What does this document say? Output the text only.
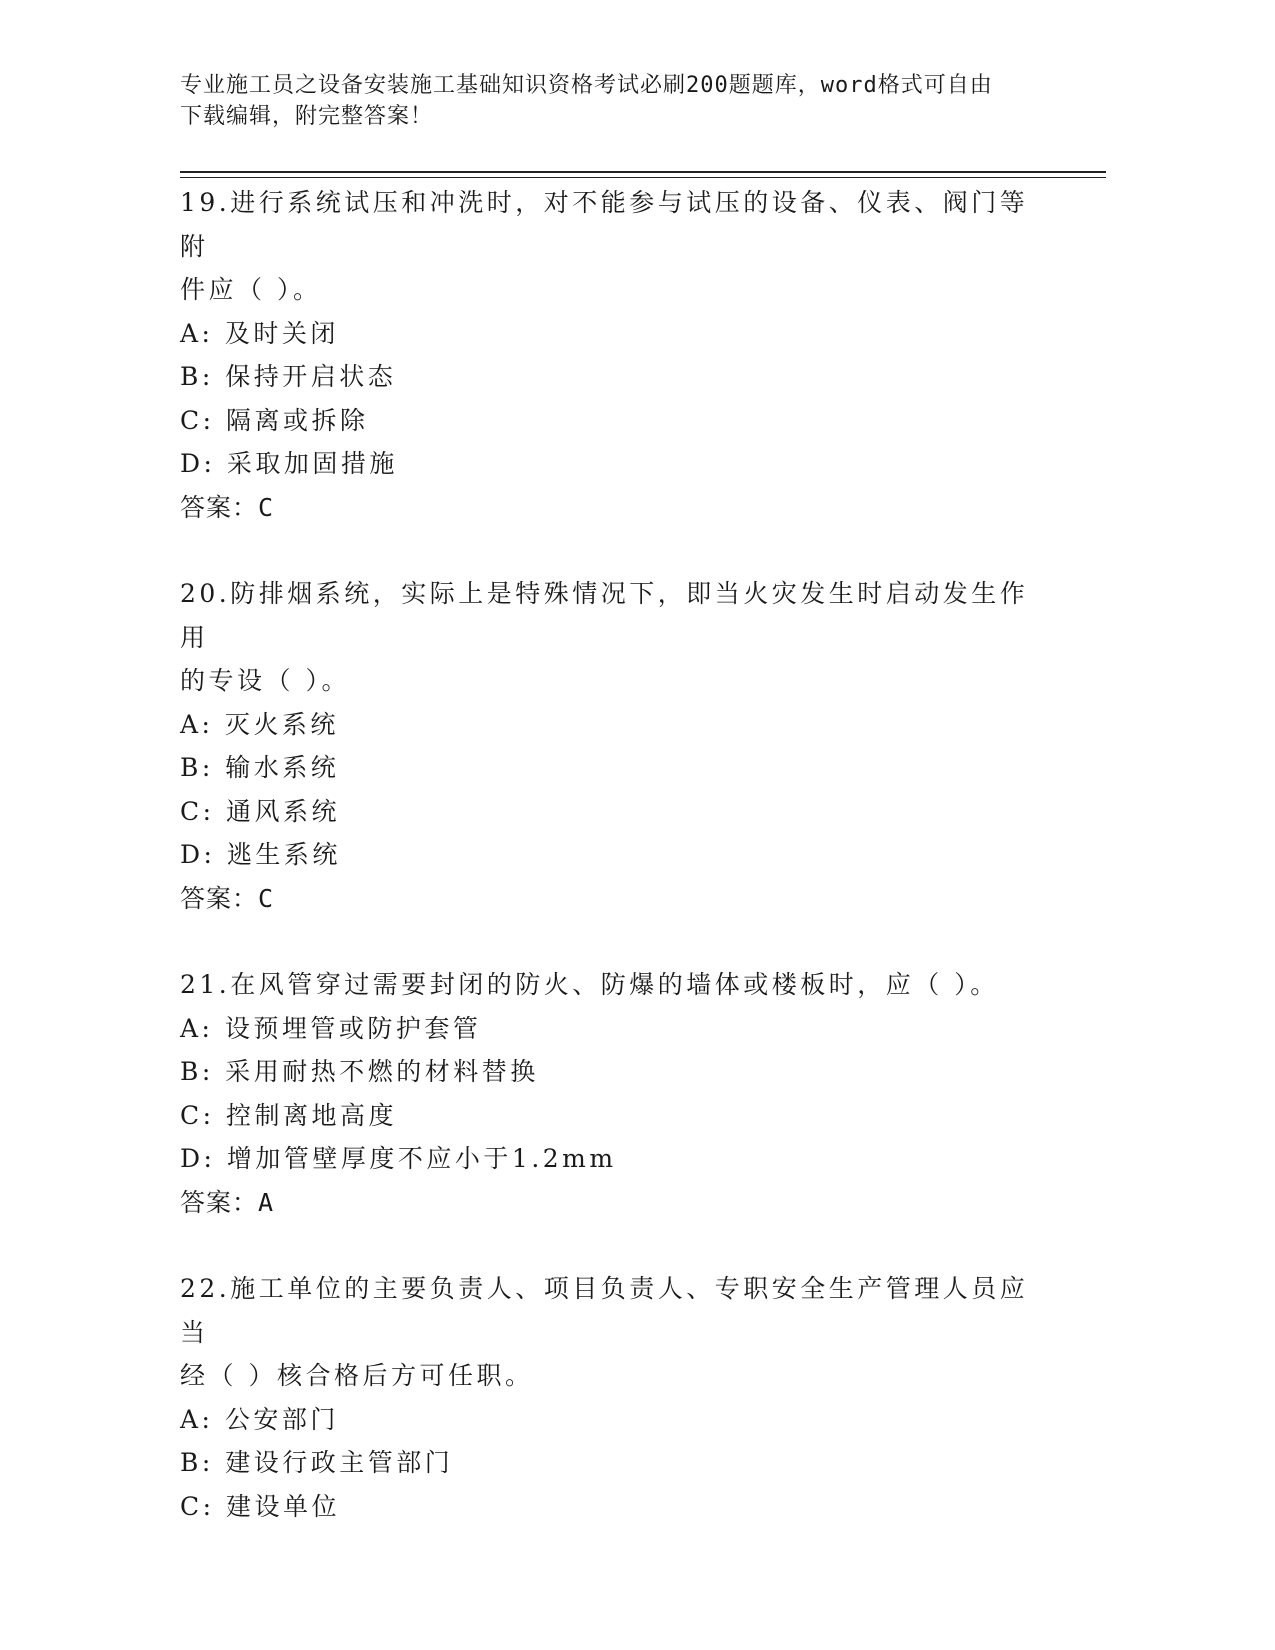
专业施工员之设备安装施工基础知识资格考试必刷200题题库，word格式可自由
下载编辑，附完整答案！
19.进行系统试压和冲洗时，对不能参与试压的设备、仪表、阀门等附
件应（ ）。
A: 及时关闭
B: 保持开启状态
C: 隔离或拆除
D: 采取加固措施
答案：C
20.防排烟系统，实际上是特殊情况下，即当火灾发生时启动发生作用
的专设（ ）。
A: 灭火系统
B: 输水系统
C: 通风系统
D: 逃生系统
答案：C
21.在风管穿过需要封闭的防火、防爆的墙体或楼板时，应（ ）。
A: 设预埋管或防护套管
B: 采用耐热不燃的材料替换
C: 控制离地高度
D: 增加管壁厚度不应小于1.2mm
答案：A
22.施工单位的主要负责人、项目负责人、专职安全生产管理人员应当
经（ ）核合格后方可任职。
A: 公安部门
B: 建设行政主管部门
C: 建设单位
